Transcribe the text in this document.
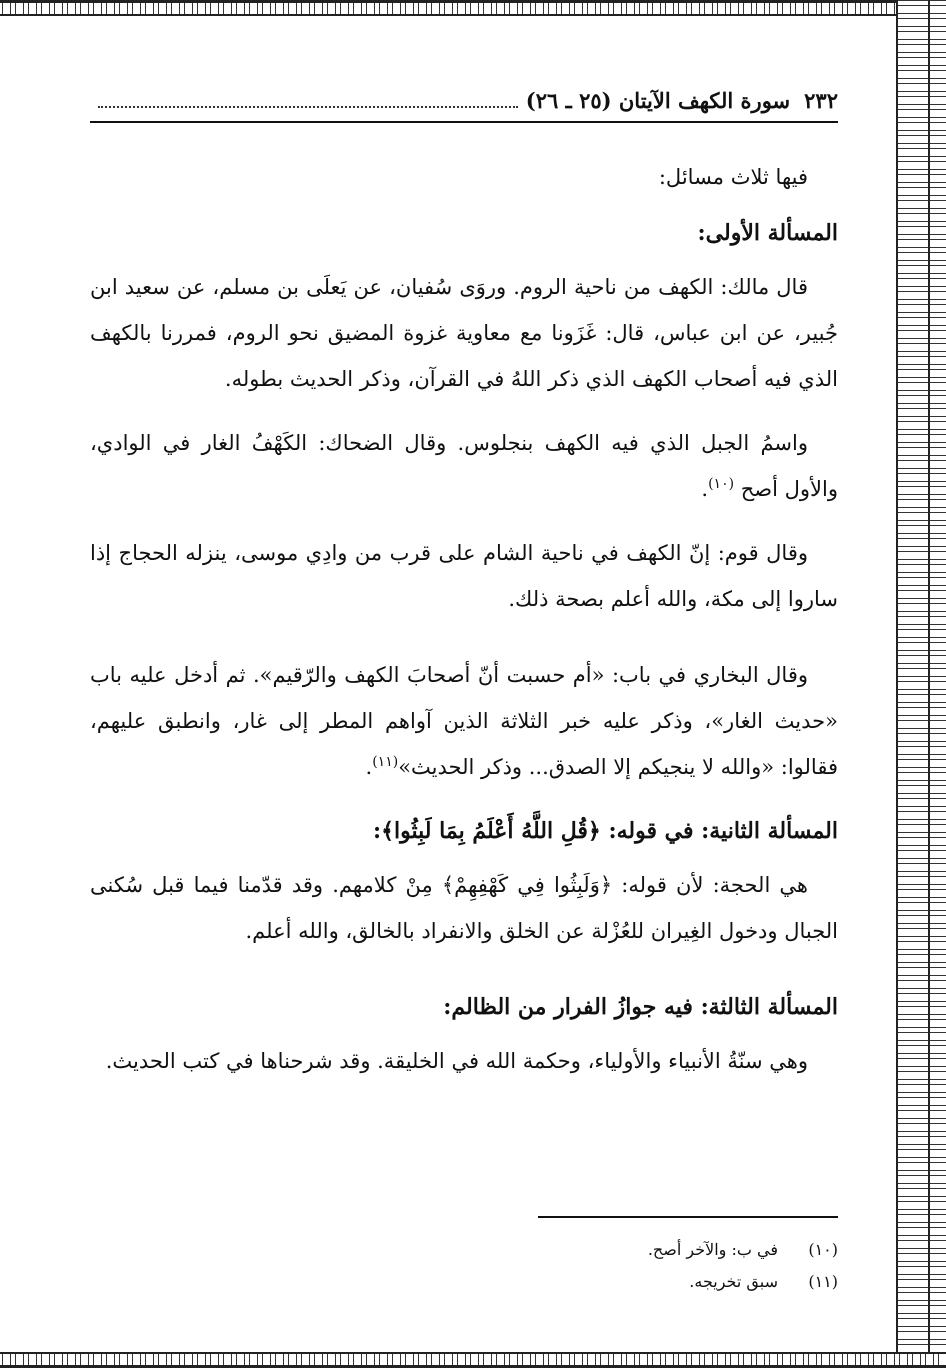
٢٣٢
سورة الكهف الآيتان (٢٥ ـ ٢٦)

فيها ثلاث مسائل:

المسألة الأولى:

قال مالك: الكهف من ناحية الروم. وروَى سُفيان، عن يَعلَى بن مسلم، عن سعيد ابن جُبير، عن ابن عباس، قال: غَزَونا مع معاوية غزوة المضيق نحو الروم، فمررنا بالكهف الذي فيه أصحاب الكهف الذي ذكر اللهُ في القرآن، وذكر الحديث بطوله.

واسمُ الجبل الذي فيه الكهف بنجلوس. وقال الضحاك: الكَهْفُ الغار في الوادي، والأول أصح $^{(١٠)}$.

وقال قوم: إنّ الكهف في ناحية الشام على قرب من وادِي موسى، ينزله الحجاج إذا ساروا إلى مكة، والله أعلم بصحة ذلك.

وقال البخاري في باب: «أم حسبت أنّ أصحابَ الكهف والرّقيم». ثم أدخل عليه باب «حديث الغار»، وذكر عليه خبر الثلاثة الذين آواهم المطر إلى غار، وانطبق عليهم، فقالوا: «والله لا ينجيكم إلا الصدق... وذكر الحديث»$^{(١١)}$.

المسألة الثانية: في قوله: ﴿قُلِ اللَّهُ أَعْلَمُ بِمَا لَبِثُوا﴾:

هي الحجة: لأن قوله: ﴿وَلَبِثُوا فِي كَهْفِهِمْ﴾ مِنْ كلامهم. وقد قدّمنا فيما قبل سُكنى الجبال ودخول الغِيران للعُزْلة عن الخلق والانفراد بالخالق، والله أعلم.

المسألة الثالثة: فيه جوازُ الفرار من الظالم:

وهي سنّةُ الأنبياء والأولياء، وحكمة الله في الخليقة. وقد شرحناها في كتب الحديث.

(١٠)
في ب: والآخر أصح.
(١١)
سبق تخريجه.
